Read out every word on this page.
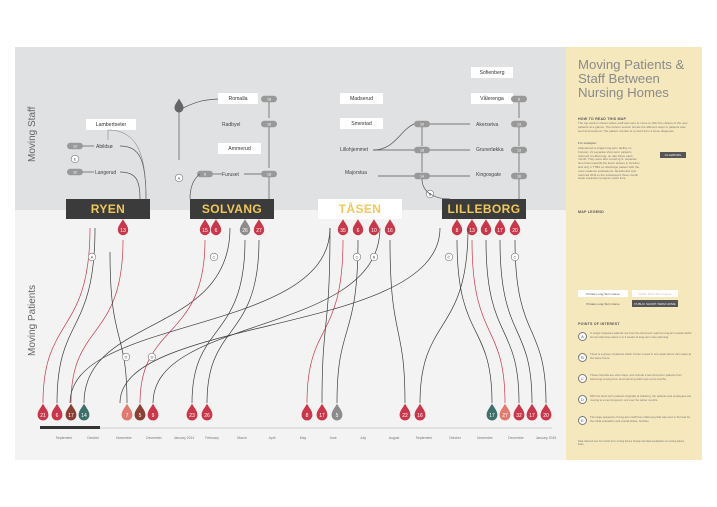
Moving Staff
Moving Patients
Lambertseter
Abildsø
Langerud
Romalla
Radbyel
Ammerud
Furuset
Madserud
Smestad
Lillohjemmet
Majorstua
Sofienberg
Vålerenga
Akersetva
Grunerløkka
Kingosgate
13
10
E
A
8
18
16
18
10
18
14
13
13
16
B
8
13	15 6	26 27	35 6 10 16	8 13 6 17 20
21 6 17 14	7 5 9	23 26	8 17 5	22 16	17 27 32 17 20
A	C	C	B	C	C
D	D
RYEN	SOLVANG	TÅSEN	LILLEBORG
September	October	November	December	January 2014	February	March	April	May	June	July	August	September	October	November	December	January 2015
Moving Patients & Staff Between Nursing Homes
HOW TO READ THIS MAP
The top section shows where staff was sent to move to offer the visitors of the new patients at a glance. The bottom section shows the different ways in patients was sent and returned. The patient number is a count from 1 since diagnosis.
For example:
Abandoned a single long-term facility on Furuset, 21 separate short-term patients returned to Lillemoug, on day Since each month. They were also covering S. separate time lines towards the lower sphere in October and only 1 TTBA on discharge patient with the more cadence evaluations. Abandoned vest returned 2011 to the subsequent three-month week expansion program each time.
LILLEBORG
MAP LEGEND
Private Long-Term Home	Public Short-Term Home
Private Long-Term Home	PUBLIC SHORT-TERM HOME
POINTS OF INTEREST
A
In single instances patients are from the short-term ward to long-term wards within homes that have about 1 to 2 weeks of long-term care planning.
B
There is a group of patients which is then moved in one week where then stays at the same home.
C
These intervals are short stays, and include a few short-term patients from Lillemoug moving from and returning within just a few months.
D
With the short-term patients originally at Lilleborg, the patients and employees are moving to a new long-term unit over the winter months.
E
The large sequence of long-term staff from Lillemoug that was sent to Furuset for the initial evaluation and overall phase, finishes.
Data collected over 16 months from nursing homes. Design and data visualisation on moving patient flows.
